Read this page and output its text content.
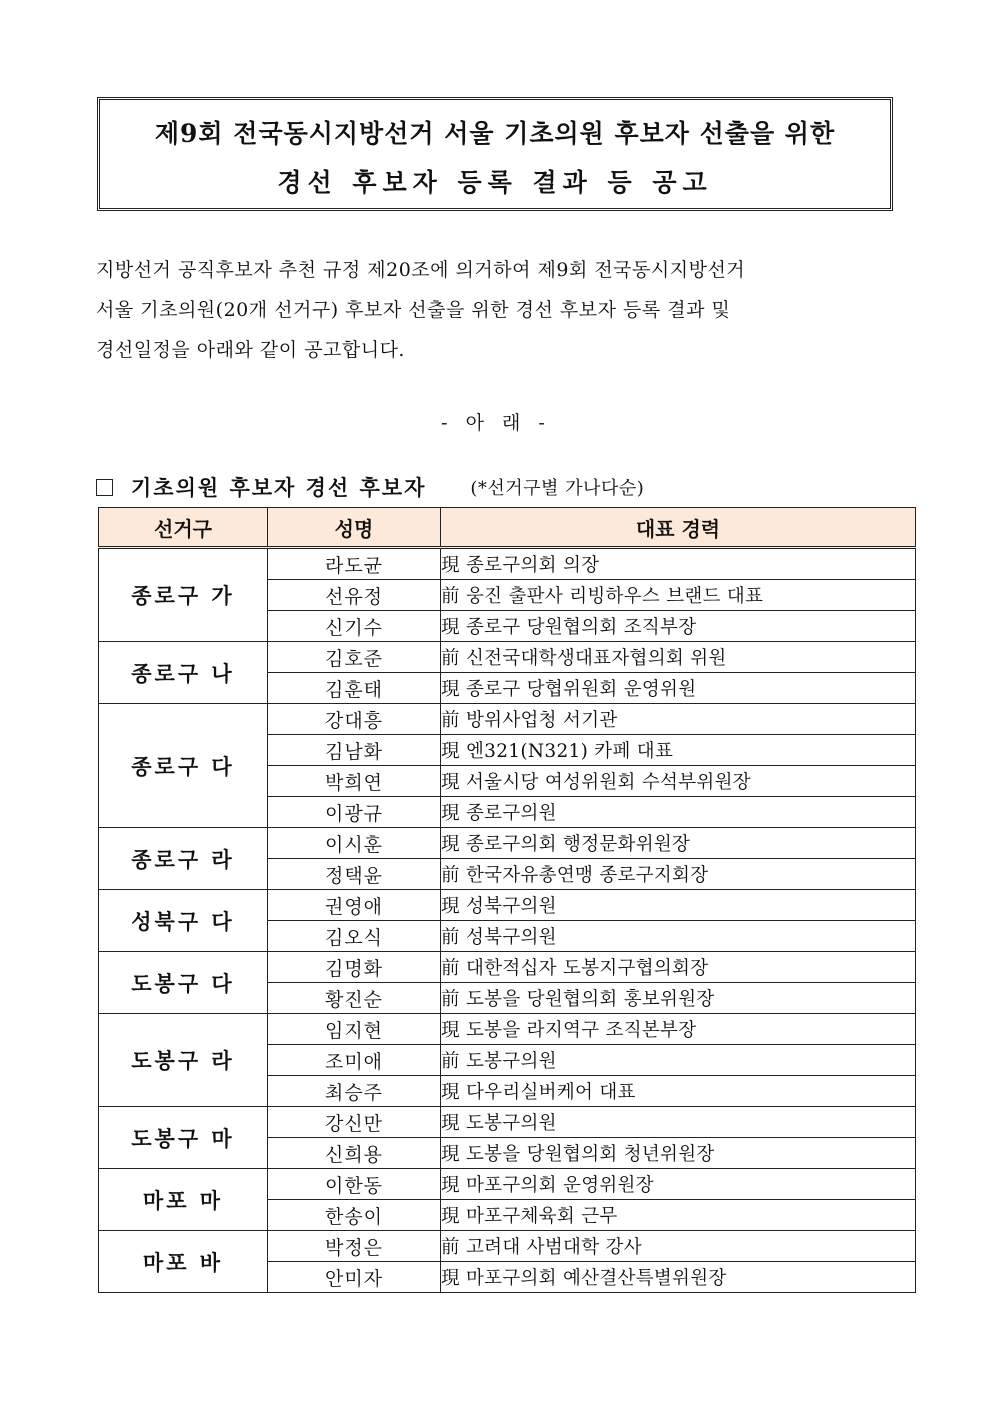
제9회 전국동시지방선거 서울 기초의원 후보자 선출을 위한
경선 후보자 등록 결과 등 공고
지방선거 공직후보자 추천 규정 제20조에 의거하여 제9회 전국동시지방선거
서울 기초의원(20개 선거구) 후보자 선출을 위한 경선 후보자 등록 결과 및
경선일정을 아래와 같이 공고합니다.
- 아 래 -
기초의원 후보자 경선 후보자 (*선거구별 가나다순)
선거구	성명	대표 경력
종로구 가	라도균	現 종로구의회 의장
	선유정	前 웅진 출판사 리빙하우스 브랜드 대표
	신기수	現 종로구 당원협의회 조직부장
종로구 나	김호준	前 신전국대학생대표자협의회 위원
	김훈태	現 종로구 당협위원회 운영위원
종로구 다	강대흥	前 방위사업청 서기관
	김남화	現 엔321(N321) 카페 대표
	박희연	現 서울시당 여성위원회 수석부위원장
	이광규	現 종로구의원
종로구 라	이시훈	現 종로구의회 행정문화위원장
	정택윤	前 한국자유총연맹 종로구지회장
성북구 다	권영애	現 성북구의원
	김오식	前 성북구의원
도봉구 다	김명화	前 대한적십자 도봉지구협의회장
	황진순	前 도봉을 당원협의회 홍보위원장
도봉구 라	임지현	現 도봉을 라지역구 조직본부장
	조미애	前 도봉구의원
	최승주	現 다우리실버케어 대표
도봉구 마	강신만	現 도봉구의원
	신희용	現 도봉을 당원협의회 청년위원장
마포 마	이한동	現 마포구의회 운영위원장
	한송이	現 마포구체육회 근무
마포 바	박정은	前 고려대 사범대학 강사
	안미자	現 마포구의회 예산결산특별위원장
